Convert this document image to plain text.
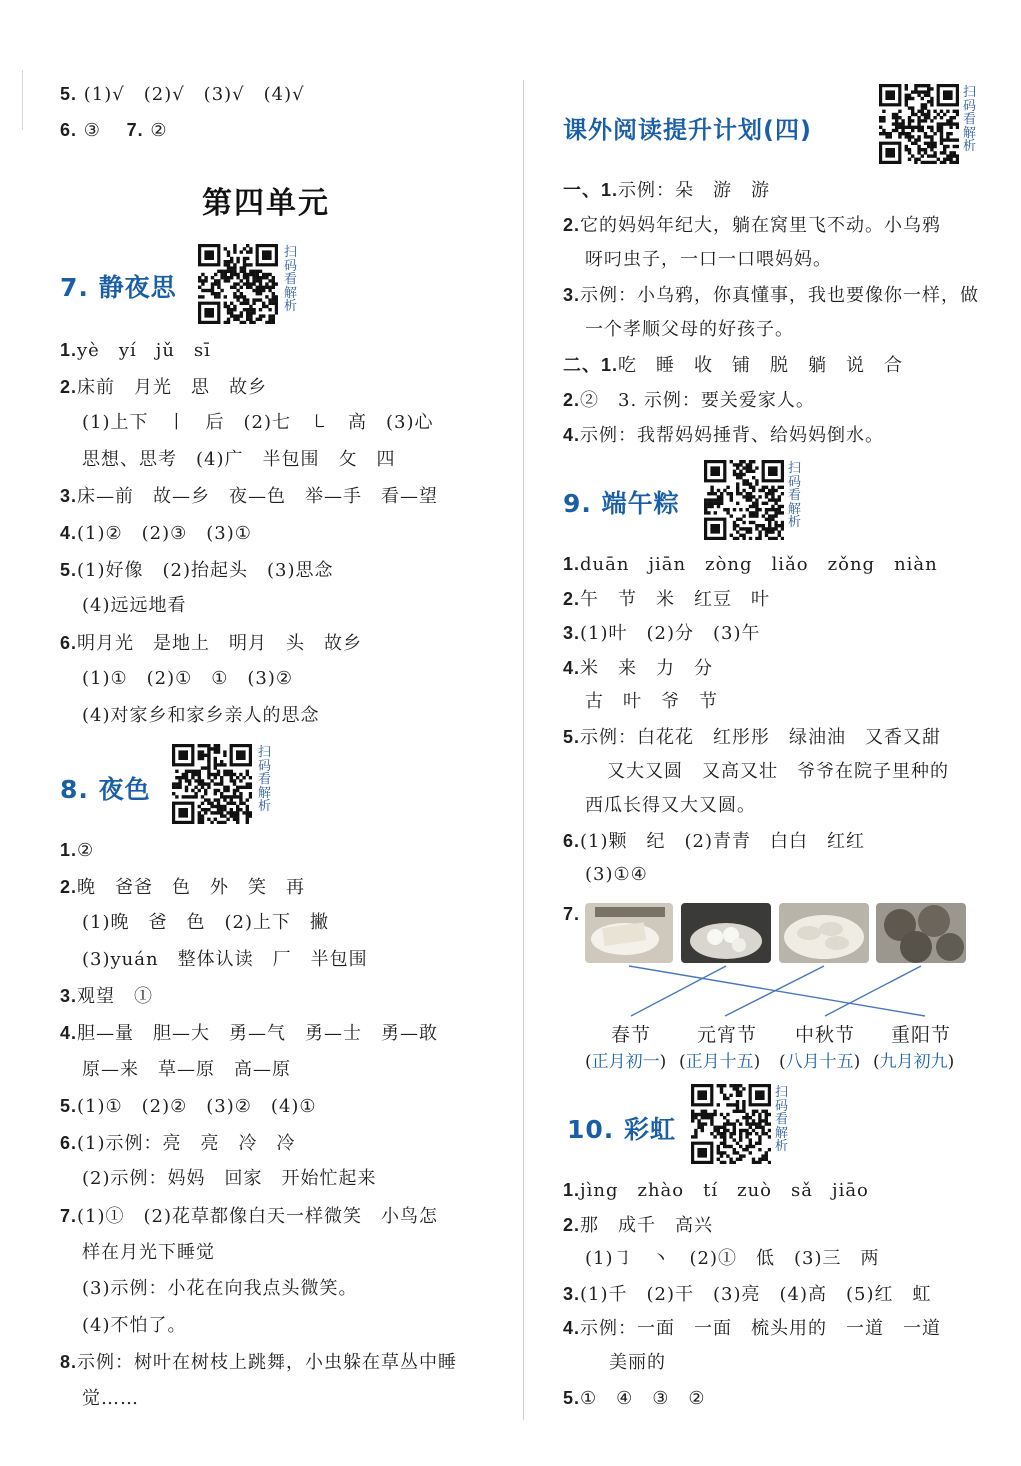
5. (1)√　(2)√　(3)√　(4)√
6. ③　 7. ②
第四单元
7. 静夜思
扫码看解析
1.yè　yí　jǔ　sī
2.床前　月光　思　故乡
(1)上下　丨　后　(2)七　㇄　高　(3)心
思想、思考　(4)广　半包围　攵　四
3.床—前　故—乡　夜—色　举—手　看—望
4.(1)②　(2)③　(3)①
5.(1)好像　(2)抬起头　(3)思念
(4)远远地看
6.明月光　是地上　明月　头　故乡
(1)①　(2)①　①　(3)②
(4)对家乡和家乡亲人的思念
8. 夜色
扫码看解析
1.②
2.晚　爸爸　色　外　笑　再
(1)晚　爸　色　(2)上下　撇
(3)yuán　整体认读　厂　半包围
3.观望　①
4.胆—量　胆—大　勇—气　勇—士　勇—敢
原—来　草—原　高—原
5.(1)①　(2)②　(3)②　(4)①
6.(1)示例：亮　亮　冷　冷
(2)示例：妈妈　回家　开始忙起来
7.(1)①　(2)花草都像白天一样微笑　小鸟怎
样在月光下睡觉
(3)示例：小花在向我点头微笑。
(4)不怕了。
8.示例：树叶在树枝上跳舞，小虫躲在草丛中睡
觉……
课外阅读提升计划(四)
扫码看解析
一、1.示例：朵　游　游
2.它的妈妈年纪大，躺在窝里飞不动。小乌鸦
呀叼虫子，一口一口喂妈妈。
3.示例：小乌鸦，你真懂事，我也要像你一样，做
一个孝顺父母的好孩子。
二、1.吃　睡　收　铺　脱　躺　说　合
2.②　3. 示例：要关爱家人。
4.示例：我帮妈妈捶背、给妈妈倒水。
9. 端午粽
扫码看解析
1.duān　jiān　zòng　liǎo　zǒng　niàn
2.午　节　米　红豆　叶
3.(1)叶　(2)分　(3)午
4.米　来　力　分
古　叶　爷　节
5.示例：白花花　红彤彤　绿油油　又香又甜
又大又圆　又高又壮　爷爷在院子里种的
西瓜长得又大又圆。
6.(1)颗　纪　(2)青青　白白　红红
(3)①④
7.
春节 元宵节 中秋节 重阳节
(正月初一) (正月十五) (八月十五) (九月初九)
10. 彩虹
扫码看解析
1.jìng　zhào　tí　zuò　sǎ　jiāo
2.那　成千　高兴
(1)㇆　丶　(2)①　低　(3)三　两
3.(1)千　(2)干　(3)亮　(4)高　(5)红　虹
4.示例：一面　一面　梳头用的　一道　一道
美丽的
5.①　④　③　②
